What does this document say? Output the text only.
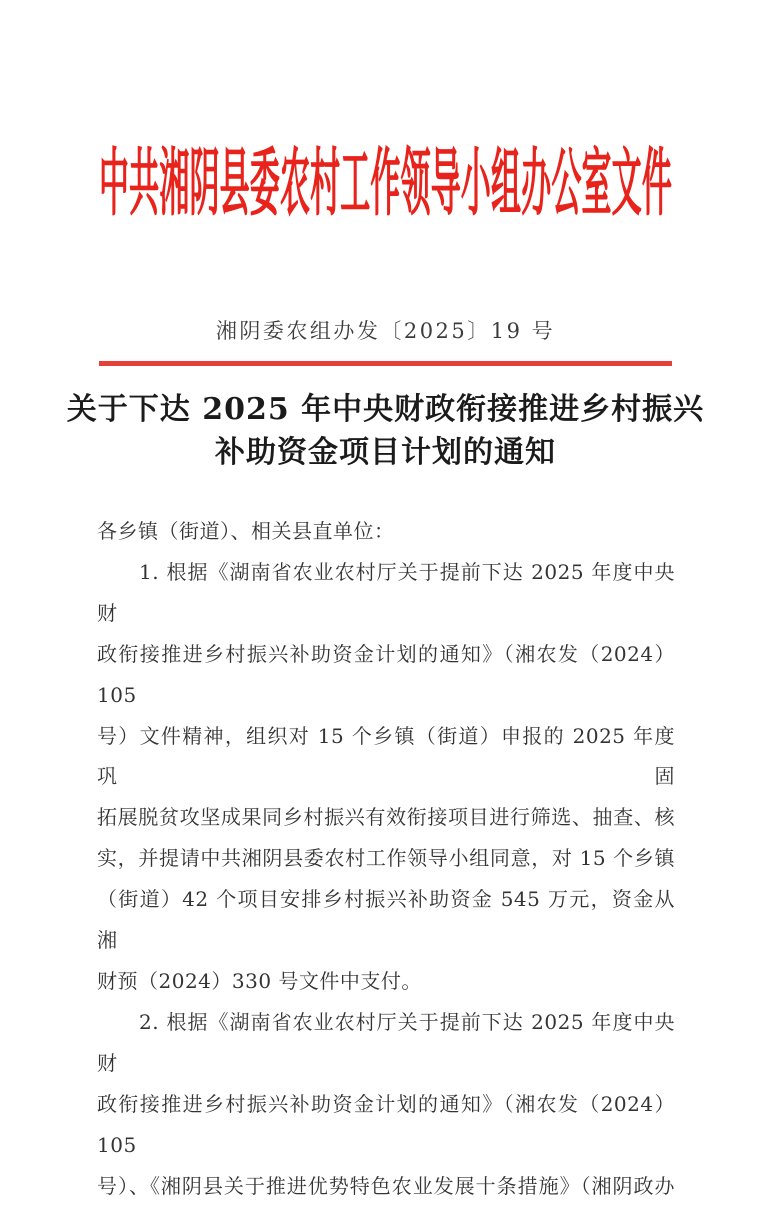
中 共 湘 阴 县 委 农 村 工 作 领 导 小 组 办 公 室 文 件
湘阴委农组办发〔2025〕19 号
关于下达 2025 年中央财政衔接推进乡村振兴
补助资金项目计划的通知
各乡镇（街道）、相关县直单位：
　　1. 根据《湖南省农业农村厅关于提前下达 2025 年度中央财
政衔接推进乡村振兴补助资金计划的通知》（湘农发（2024）105
号）文件精神，组织对 15 个乡镇（街道）申报的 2025 年度巩固
拓展脱贫攻坚成果同乡村振兴有效衔接项目进行筛选、抽查、核
实，并提请中共湘阴县委农村工作领导小组同意，对 15 个乡镇
（街道）42 个项目安排乡村振兴补助资金 545 万元，资金从湘
财预（2024）330 号文件中支付。
　　2. 根据《湖南省农业农村厅关于提前下达 2025 年度中央财
政衔接推进乡村振兴补助资金计划的通知》（湘农发（2024）105
号）、《湘阴县关于推进优势特色农业发展十条措施》（湘阴政办
